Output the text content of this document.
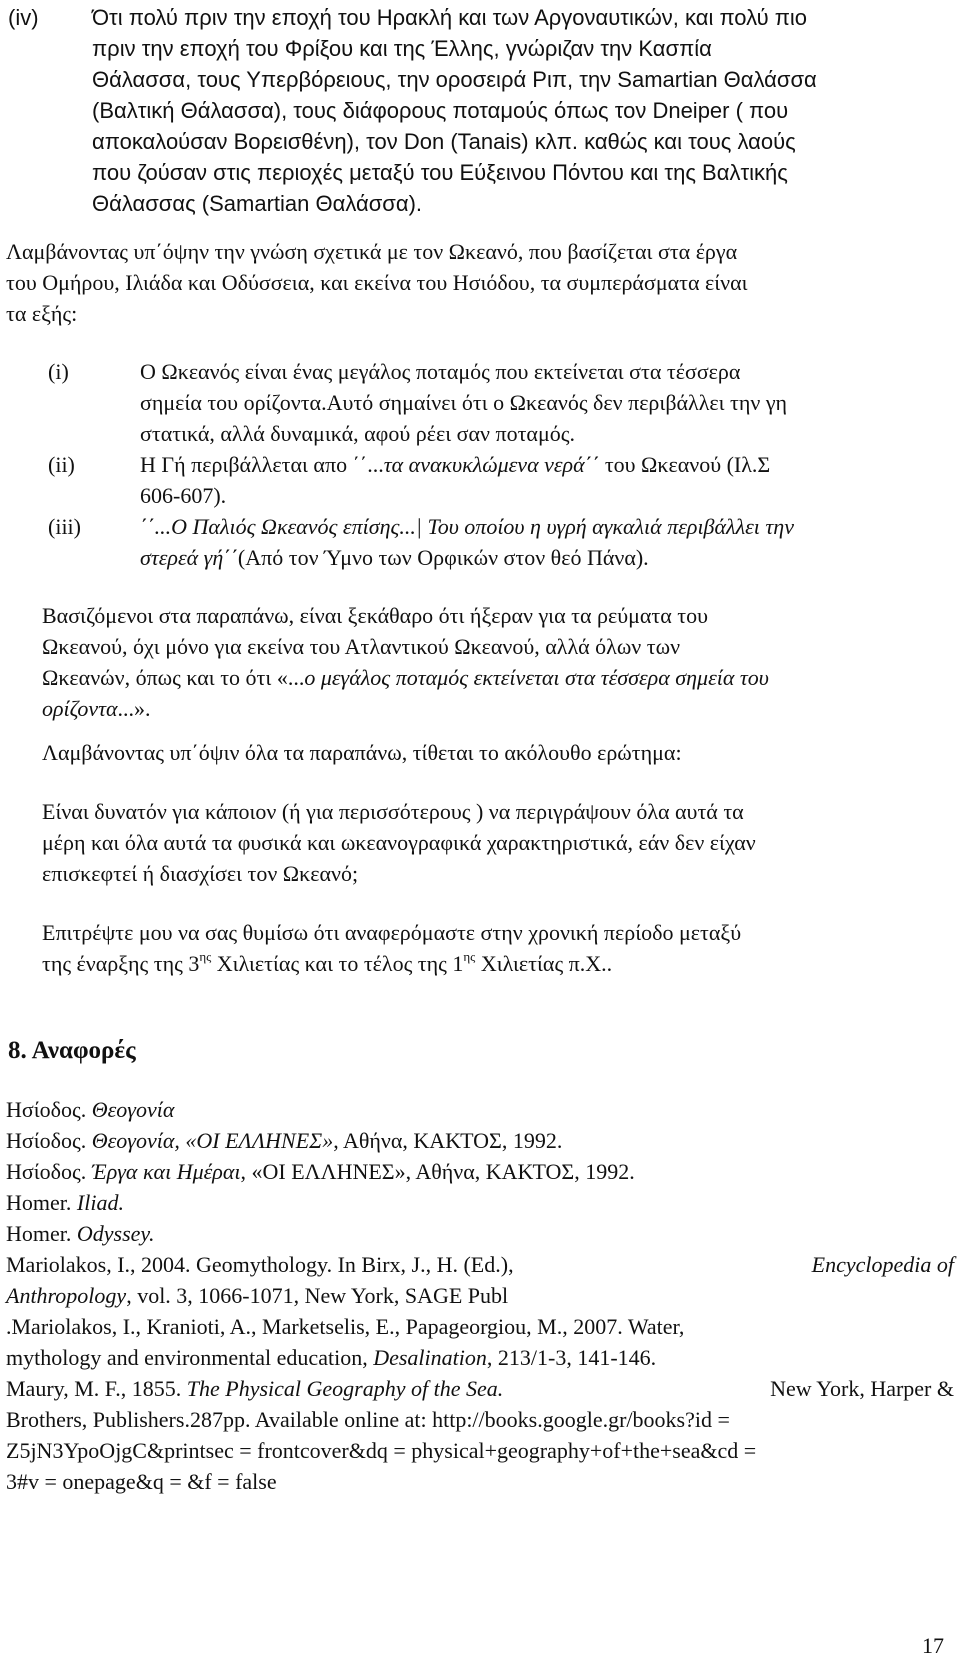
(iv) Ότι πολύ πριν την εποχή του Ηρακλή και των Αργοναυτικών, και πολύ πιο
πριν την εποχή του Φρίξου και της Έλλης, γνώριζαν την Κασπία
Θάλασσα, τους Υπερβόρειους, την οροσειρά Ριπ, την Samartian Θαλάσσα
(Βαλτική Θάλασσα), τους διάφορους ποταμούς όπως τον Dneiper ( που
αποκαλούσαν Βορεισθένη), τον Don (Tanais) κλπ. καθώς και τους λαούς
που ζούσαν στις περιοχές μεταξύ του Εύξεινου Πόντου και της Βαλτικής
Θάλασσας (Samartian Θαλάσσα).
Λαμβάνοντας υπ΄όψην την γνώση σχετικά με τον Ωκεανό, που βασίζεται στα έργα
του Ομήρου, Ιλιάδα και Οδύσσεια, και εκείνα του Ησιόδου, τα συμπεράσματα είναι
τα εξής:
(i)	Ο Ωκεανός είναι ένας μεγάλος ποταμός που εκτείνεται στα τέσσερα
σημεία του ορίζοντα.Αυτό σημαίνει ότι ο Ωκεανός δεν περιβάλλει την γη
στατικά, αλλά δυναμικά, αφού ρέει σαν ποταμός.
(ii)	Η Γή περιβάλλεται απο ΄΄...τα ανακυκλώμενα νερά΄΄ του Ωκεανού (Ιλ.Σ
606-607).
(iii)	΄΄...Ο Παλιός Ωκεανός επίσης...| Του οποίου η υγρή αγκαλιά περιβάλλει την
στερεά γή΄΄(Από τον Ύμνο των Ορφικών στον θεό Πάνα).
Βασιζόμενοι στα παραπάνω, είναι ξεκάθαρο ότι ήξεραν για τα ρεύματα του
Ωκεανού, όχι μόνο για εκείνα του Ατλαντικού Ωκεανού, αλλά όλων των
Ωκεανών, όπως και το ότι «...ο μεγάλος ποταμός εκτείνεται στα τέσσερα σημεία του
ορίζοντα...».
Λαμβάνοντας υπ΄όψιν όλα τα παραπάνω, τίθεται το ακόλουθο ερώτημα:
Είναι δυνατόν για κάποιον (ή για περισσότερους ) να περιγράψουν όλα αυτά τα
μέρη και όλα αυτά τα φυσικά και ωκεανογραφικά χαρακτηριστικά, εάν δεν είχαν
επισκεφτεί ή διασχίσει τον Ωκεανό;
Επιτρέψτε μου να σας θυμίσω ότι αναφερόμαστε στην χρονική περίοδο μεταξύ
της έναρξης της $3^{\eta\varsigma}$ Χιλιετίας και το τέλος της $1^{\eta\varsigma}$ Χιλιετίας π.Χ..
8. Αναφορές
Ησίοδος. Θεογονία
Ησίοδος. Θεογονία, «ΟΙ ΕΛΛΗΝΕΣ», Αθήνα, ΚΑΚΤΟΣ, 1992.
Ησίοδος. Έργα και Ημέραι, «ΟΙ ΕΛΛΗΝΕΣ», Αθήνα, ΚΑΚΤΟΣ, 1992.
Homer. Iliad.
Homer. Odyssey.
Mariolakos, I., 2004. Geomythology. In Birx, J., H. (Ed.),	Encyclopedia of
Anthropology, vol. 3, 1066-1071, New York, SAGE Publ
.Mariolakos, I., Kranioti, A., Marketselis, E., Papageorgiou, M., 2007. Water,
mythology and environmental education, Desalination, 213/1-3, 141-146.
Maury, M. F., 1855. The Physical Geography of the Sea.	New York, Harper &
Brothers, Publishers.287pp. Available online at: http://books.google.gr/books?id =
Z5jN3YpoOjgC&printsec = frontcover&dq = physical+geography+of+the+sea&cd =
3#v = onepage&q = &f = false
17
